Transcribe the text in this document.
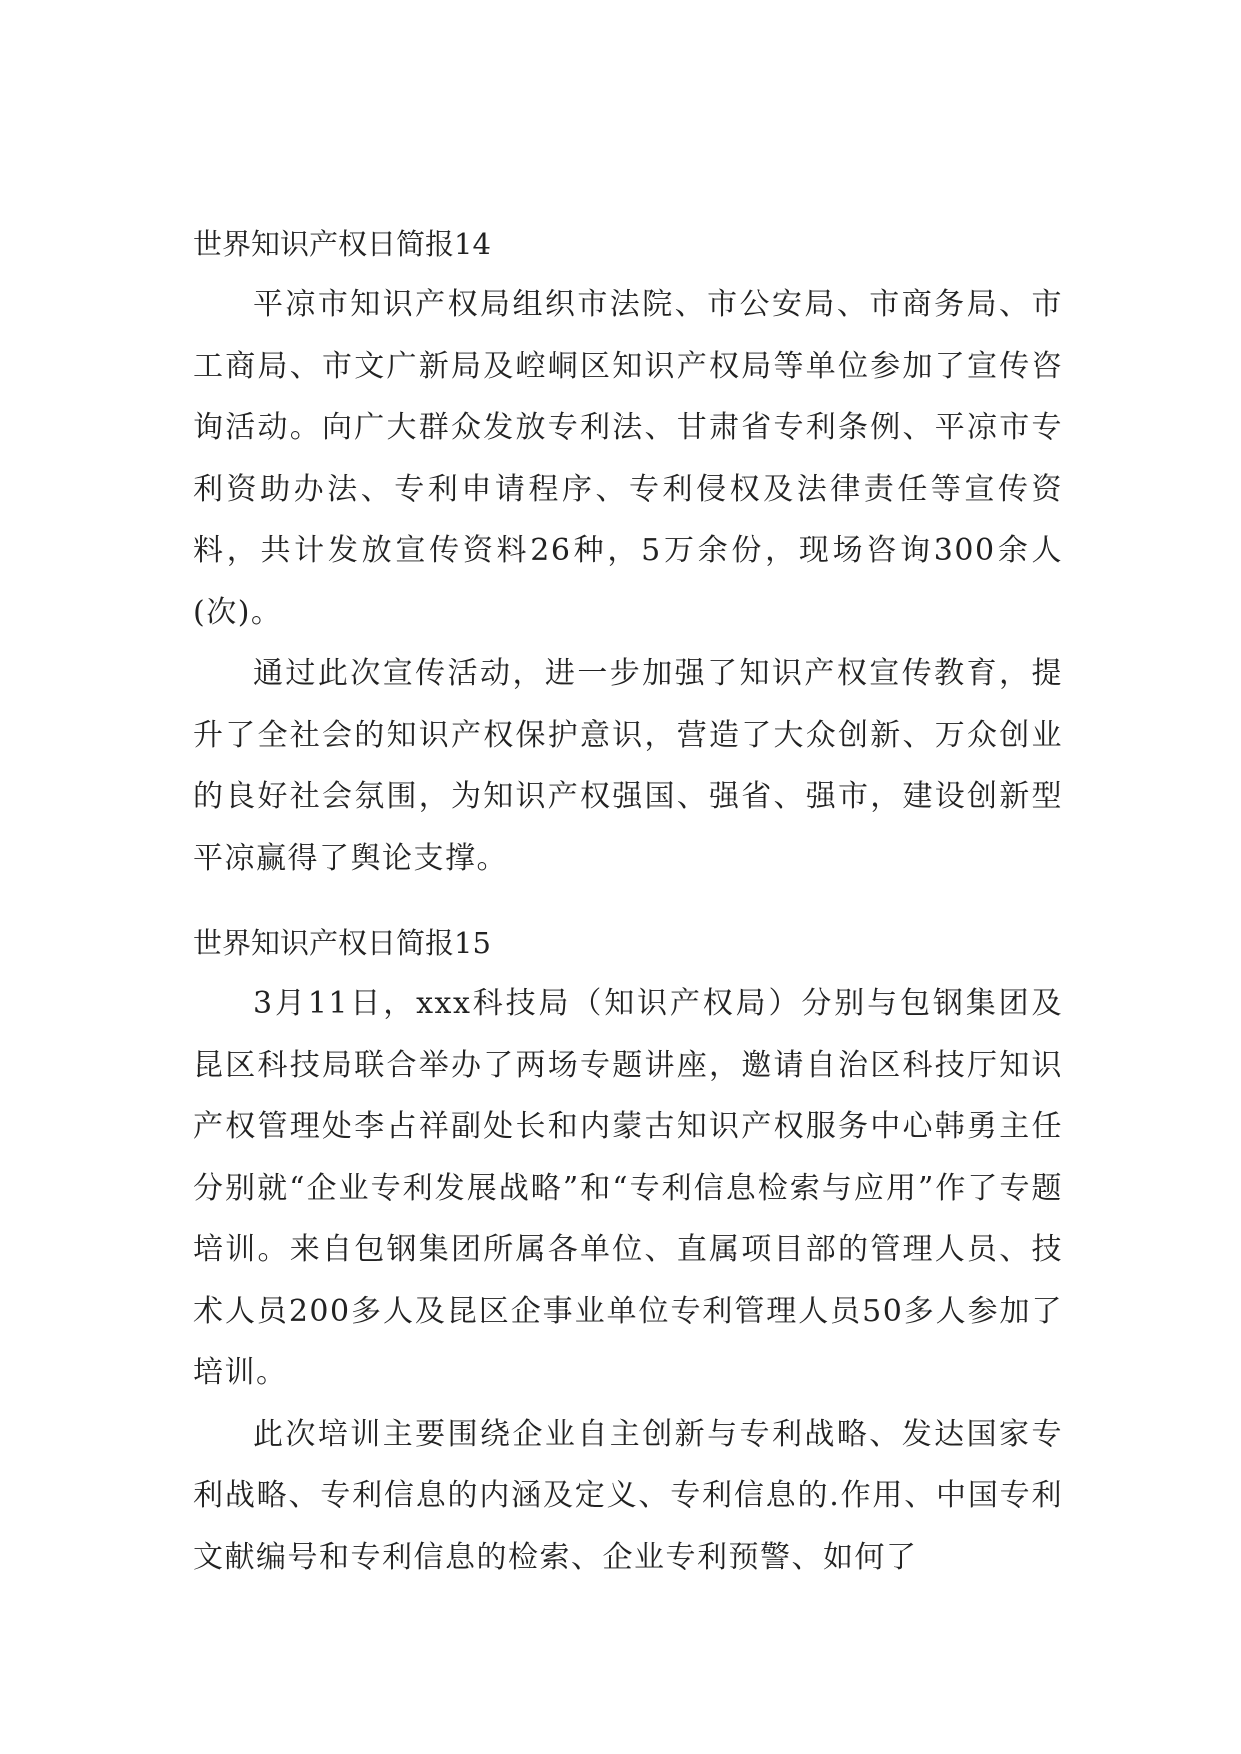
世界知识产权日简报14

平凉市知识产权局组织市法院、市公安局、市商务局、市工商局、市文广新局及崆峒区知识产权局等单位参加了宣传咨询活动。向广大群众发放专利法、甘肃省专利条例、平凉市专利资助办法、专利申请程序、专利侵权及法律责任等宣传资料，共计发放宣传资料26种，5万余份，现场咨询300余人(次)。

通过此次宣传活动，进一步加强了知识产权宣传教育，提升了全社会的知识产权保护意识，营造了大众创新、万众创业的良好社会氛围，为知识产权强国、强省、强市，建设创新型平凉赢得了舆论支撑。

世界知识产权日简报15

3月11日，xxx科技局（知识产权局）分别与包钢集团及昆区科技局联合举办了两场专题讲座，邀请自治区科技厅知识产权管理处李占祥副处长和内蒙古知识产权服务中心韩勇主任分别就“企业专利发展战略”和“专利信息检索与应用”作了专题培训。来自包钢集团所属各单位、直属项目部的管理人员、技术人员200多人及昆区企事业单位专利管理人员50多人参加了培训。

此次培训主要围绕企业自主创新与专利战略、发达国家专利战略、专利信息的内涵及定义、专利信息的.作用、中国专利文献编号和专利信息的检索、企业专利预警、如何了
